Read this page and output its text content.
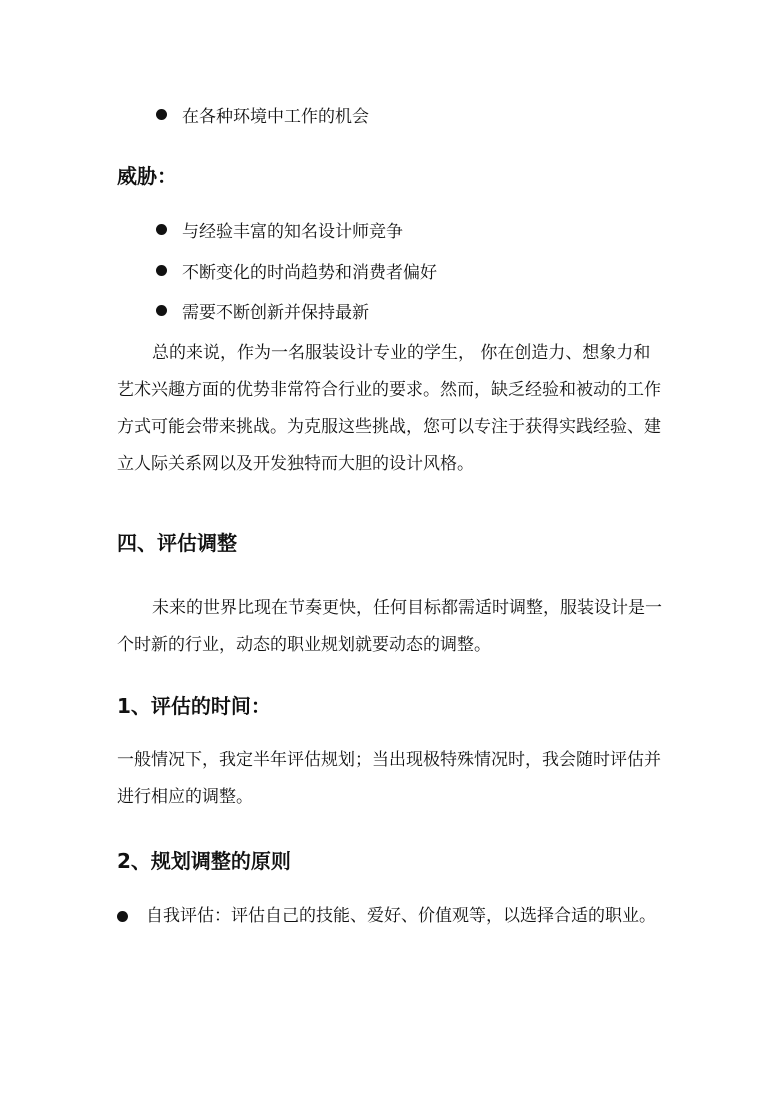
在各种环境中工作的机会
威胁：
与经验丰富的知名设计师竞争
不断变化的时尚趋势和消费者偏好
需要不断创新并保持最新

总的来说，作为一名服装设计专业的学生， 你在创造力、想象力和艺术兴趣方面的优势非常符合行业的要求。然而，缺乏经验和被动的工作方式可能会带来挑战。为克服这些挑战，您可以专注于获得实践经验、建立人际关系网以及开发独特而大胆的设计风格。

四、评估调整

未来的世界比现在节奏更快，任何目标都需适时调整，服装设计是一个时新的行业，动态的职业规划就要动态的调整。

1、评估的时间：

一般情况下，我定半年评估规划；当出现极特殊情况时，我会随时评估并进行相应的调整。

2、规划调整的原则
自我评估：评估自己的技能、爱好、价值观等，以选择合适的职业。
